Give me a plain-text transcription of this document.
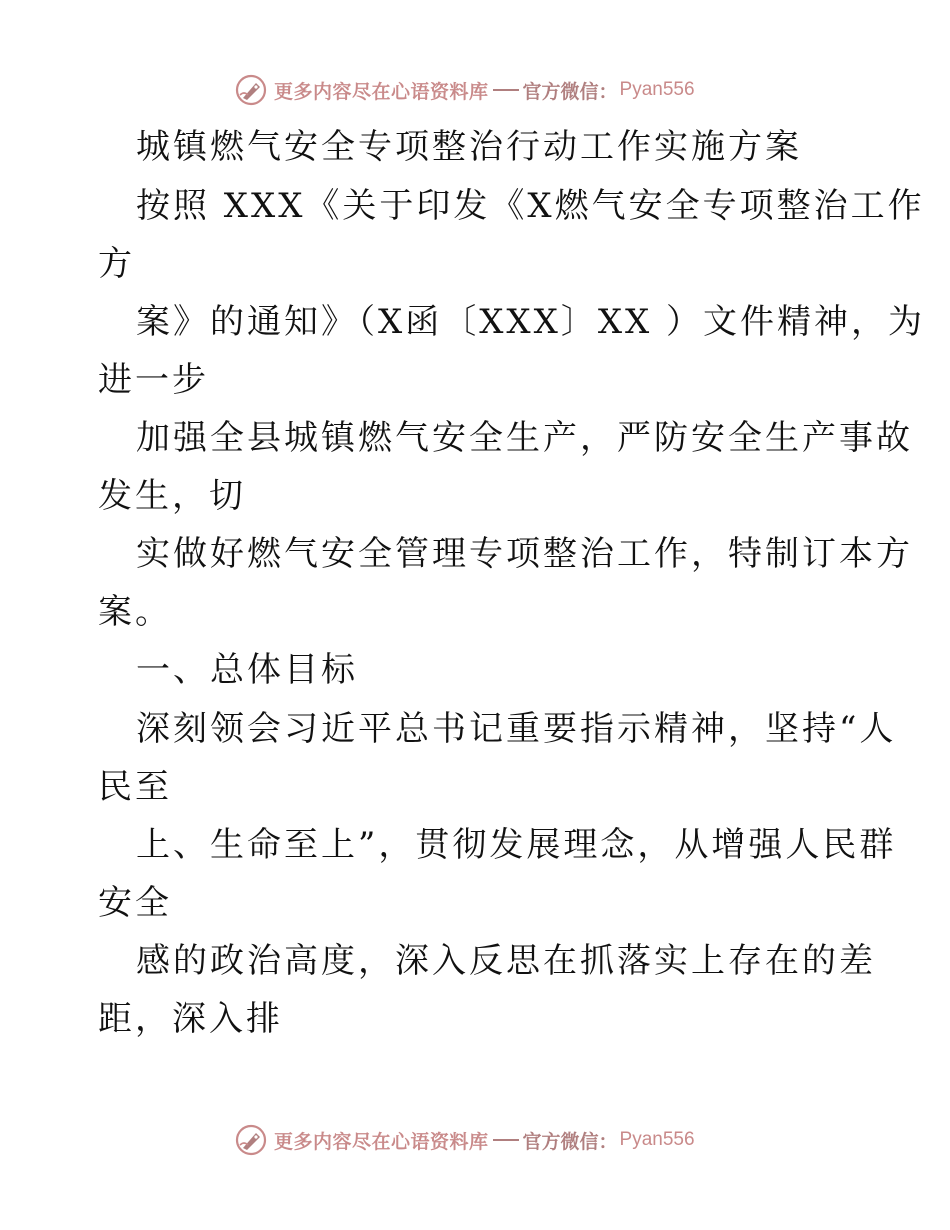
更多内容尽在心语资料库 官方微信： Pyan556
城镇燃气安全专项整治行动工作实施方案
按照 XXX《关于印发《X燃气安全专项整治工作
方
案》的通知》（X函〔XXX〕XX ）文件精神，为
进一步
加强全县城镇燃气安全生产，严防安全生产事故
发生，切
实做好燃气安全管理专项整治工作，特制订本方
案。
一、总体目标
深刻领会习近平总书记重要指示精神，坚持“人
民至
上、生命至上”，贯彻发展理念，从增强人民群
安全
感的政治高度，深入反思在抓落实上存在的差
距，深入排
更多内容尽在心语资料库 官方微信： Pyan556
